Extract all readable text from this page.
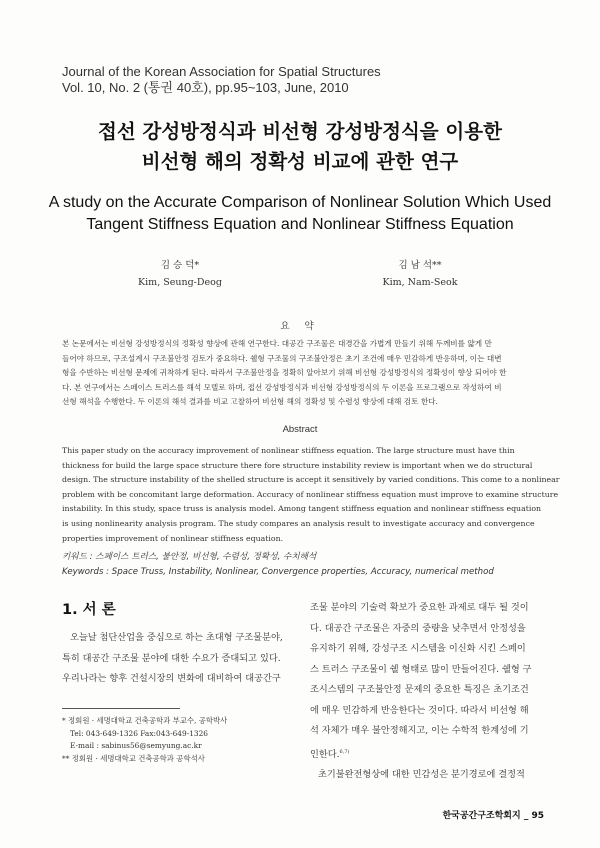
Journal of the Korean Association for Spatial Structures
Vol. 10, No. 2 (통권 40호), pp.95~103, June, 2010
접선 강성방정식과 비선형 강성방정식을 이용한
비선형 해의 정확성 비교에 관한 연구
A study on the Accurate Comparison of Nonlinear Solution Which Used
Tangent Stiffness Equation and Nonlinear Stiffness Equation
김 승 덕*
Kim, Seung-Deog
김 남 석**
Kim, Nam-Seok
요 약
본 논문에서는 비선형 강성방정식의 정확성 향상에 관해 연구한다. 대공간 구조물은 대경간을 가볍게 만들기 위해 두께비를 얇게 만
들어야 하므로, 구조설계시 구조불안정 검토가 중요하다. 쉘형 구조물의 구조불안정은 초기 조건에 매우 민감하게 반응하며, 이는 대변
형을 수반하는 비선형 문제에 귀착하게 된다. 따라서 구조불안정을 정확히 알아보기 위해 비선형 강성방정식의 정확성이 향상 되어야 한
다. 본 연구에서는 스페이스 트러스를 해석 모델로 하며, 접선 강성방정식과 비선형 강성방정식의 두 이론을 프로그램으로 작성하여 비
선형 해석을 수행한다. 두 이론의 해석 결과를 비교 고찰하여 비선형 해의 정확성 및 수렴성 향상에 대해 검토 한다.
Abstract
This paper study on the accuracy improvement of nonlinear stiffness equation. The large structure must have thin
thickness for build the large space structure there fore structure instability review is important when we do structural
design. The structure instability of the shelled structure is accept it sensitively by varied conditions. This come to a nonlinear
problem with be concomitant large deformation. Accuracy of nonlinear stiffness equation must improve to examine structure
instability. In this study, space truss is analysis model. Among tangent stiffness equation and nonlinear stiffness equation
is using nonlinearity analysis program. The study compares an analysis result to investigate accuracy and convergence
properties improvement of nonlinear stiffness equation.
키워드 : 스페이스 트러스, 불안정, 비선형, 수렴성, 정확성, 수치해석
Keywords : Space Truss, Instability, Nonlinear, Convergence properties, Accuracy, numerical method
1. 서 론
오늘날 첨단산업을 중심으로 하는 초대형 구조물분야,
특히 대공간 구조물 분야에 대한 수요가 증대되고 있다.
우리나라는 향후 건설시장의 변화에 대비하여 대공간구
* 정회원 · 세명대학교 건축공학과 부교수, 공학박사
Tel: 043-649-1326 Fax:043-649-1326
E-mail : sabinus56@semyung.ac.kr
** 정회원 · 세명대학교 건축공학과 공학석사
조물 분야의 기술력 확보가 중요한 과제로 대두 될 것이
다. 대공간 구조물은 자중의 중량을 낮추면서 안정성을
유지하기 위해, 강성구조 시스템을 이신화 시킨 스페이
스 트러스 구조물이 쉘 형태로 많이 만들어진다. 쉘형 구
조시스템의 구조불안정 문제의 중요한 특징은 초기조건
에 매우 민감하게 반응한다는 것이다. 따라서 비선형 해
석 자체가 매우 불안정해지고, 이는 수학적 한계성에 기
인한다.$^{6,7)}$
초기불완전형상에 대한 민감성은 분기경로에 결정적
한국공간구조학회지 _ 95
